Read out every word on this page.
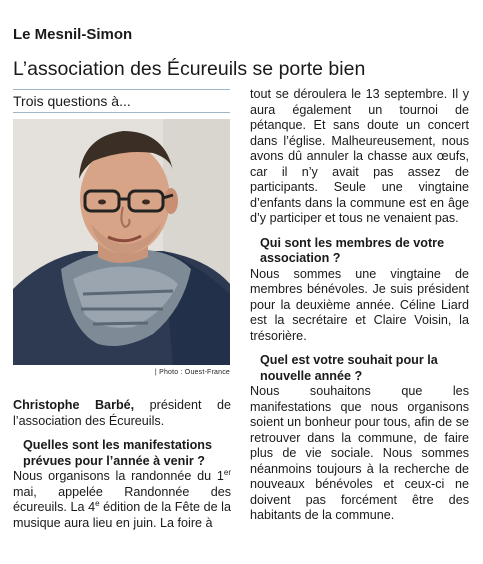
Le Mesnil-Simon
L’association des Écureuils se porte bien
Trois questions à...
| Photo : Ouest-France

Christophe Barbé, président de l’association des Écureuils.

Quelles sont les manifestations prévues pour l’année à venir ?

Nous organisons la randonnée du 1er mai, appelée Randonnée des écureuils. La 4e édition de la Fête de la musique aura lieu en juin. La foire à

tout se déroulera le 13 septembre. Il y aura également un tournoi de pétanque. Et sans doute un concert dans l’église. Malheureusement, nous avons dû annuler la chasse aux œufs, car il n’y avait pas assez de participants. Seule une vingtaine d’enfants dans la commune est en âge d’y participer et tous ne venaient pas.

Qui sont les membres de votre association ?

Nous sommes une vingtaine de membres bénévoles. Je suis président pour la deuxième année. Céline Liard est la secrétaire et Claire Voisin, la trésorière.

Quel est votre souhait pour la nouvelle année ?

Nous souhaitons que les manifestations que nous organisons soient un bonheur pour tous, afin de se retrouver dans la commune, de faire plus de vie sociale. Nous sommes néanmoins toujours à la recherche de nouveaux bénévoles et ceux-ci ne doivent pas forcément être des habitants de la commune.
